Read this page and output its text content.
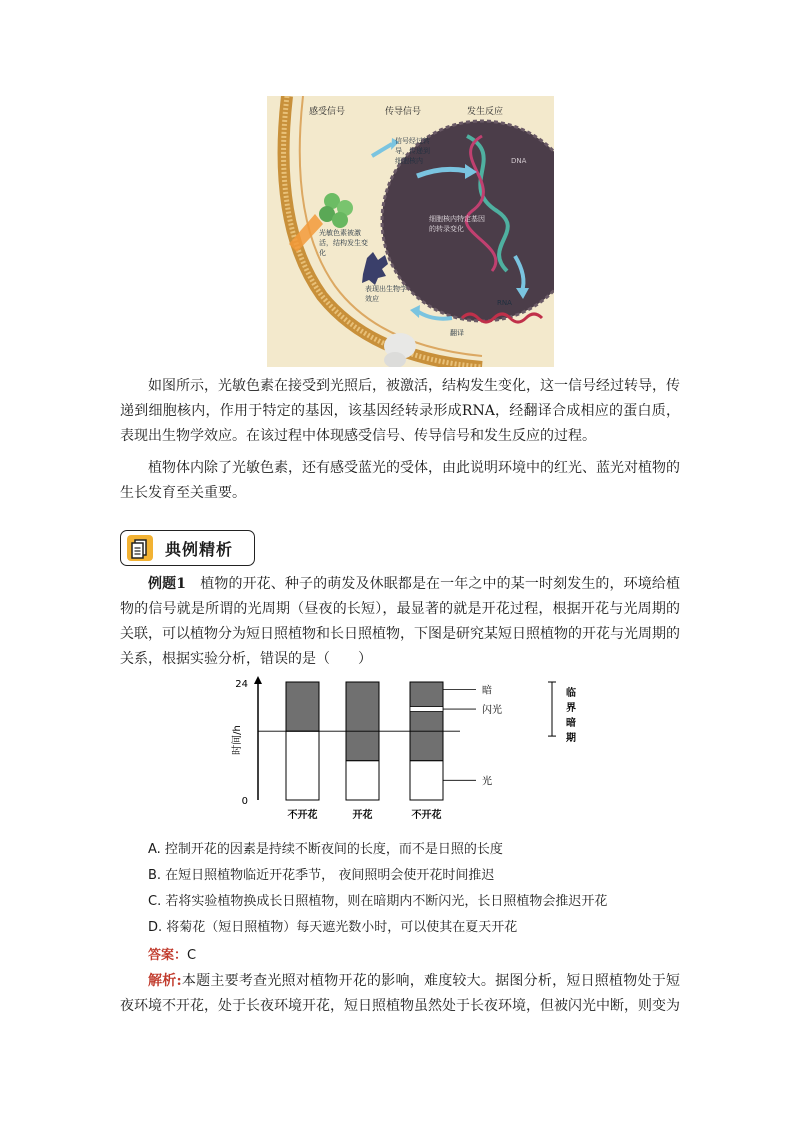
感受信号	传导信号	发生反应
信号经过转导，传递到细胞核内	DNA
细胞核内特定基因的转录变化
光敏色素被激活，结构发生变化
表现出生物学效应	RNA
翻译

如图所示，光敏色素在接受到光照后，被激活，结构发生变化，这一信号经过转导，传递到细胞核内，作用于特定的基因，该基因经转录形成RNA，经翻译合成相应的蛋白质，表现出生物学效应。在该过程中体现感受信号、传导信号和发生反应的过程。

植物体内除了光敏色素，还有感受蓝光的受体，由此说明环境中的红光、蓝光对植物的生长发育至关重要。

典例精析

例题1　 植物的开花、种子的萌发及休眠都是在一年之中的某一时刻发生的，环境给植物的信号就是所谓的光周期（昼夜的长短），最显著的就是开花过程，根据开花与光周期的关联，可以植物分为短日照植物和长日照植物，下图是研究某短日照植物的开花与光周期的关系，根据实验分析，错误的是（　　）

24
0
时间/h
不开花	开花	不开花
暗
闪光
光
临界暗期
A. 控制开花的因素是持续不断夜间的长度，而不是日照的长度
B. 在短日照植物临近开花季节， 夜间照明会使开花时间推迟
C. 若将实验植物换成长日照植物，则在暗期内不断闪光，长日照植物会推迟开花
D. 将菊花（短日照植物）每天遮光数小时，可以使其在夏天开花
答案：C

解析:本题主要考查光照对植物开花的影响，难度较大。据图分析，短日照植物处于短夜环境不开花，处于长夜环境开花，短日照植物虽然处于长夜环境，但被闪光中断，则变为
